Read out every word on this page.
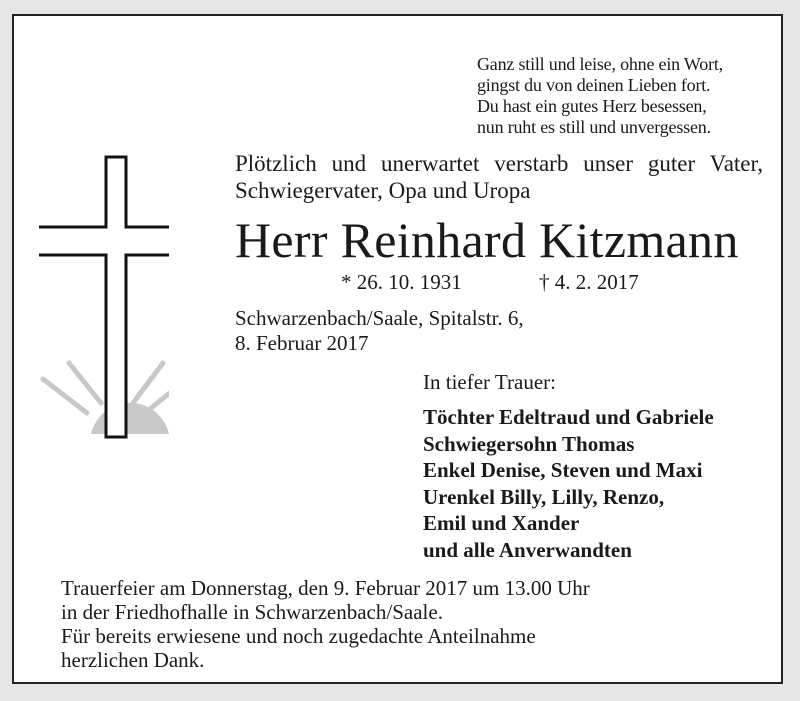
Ganz still und leise, ohne ein Wort,
gingst du von deinen Lieben fort.
Du hast ein gutes Herz besessen,
nun ruht es still und unvergessen.
Plötzlich und unerwartet verstarb unser guter Vater,
Schwiegervater, Opa und Uropa
Herr Reinhard Kitzmann
* 26. 10. 1931	† 4. 2. 2017
Schwarzenbach/Saale, Spitalstr. 6,
8. Februar 2017
In tiefer Trauer:
Töchter Edeltraud und Gabriele
Schwiegersohn Thomas
Enkel Denise, Steven und Maxi
Urenkel Billy, Lilly, Renzo,
Emil und Xander
und alle Anverwandten
Trauerfeier am Donnerstag, den 9. Februar 2017 um 13.00 Uhr
in der Friedhofhalle in Schwarzenbach/Saale.
Für bereits erwiesene und noch zugedachte Anteilnahme
herzlichen Dank.
